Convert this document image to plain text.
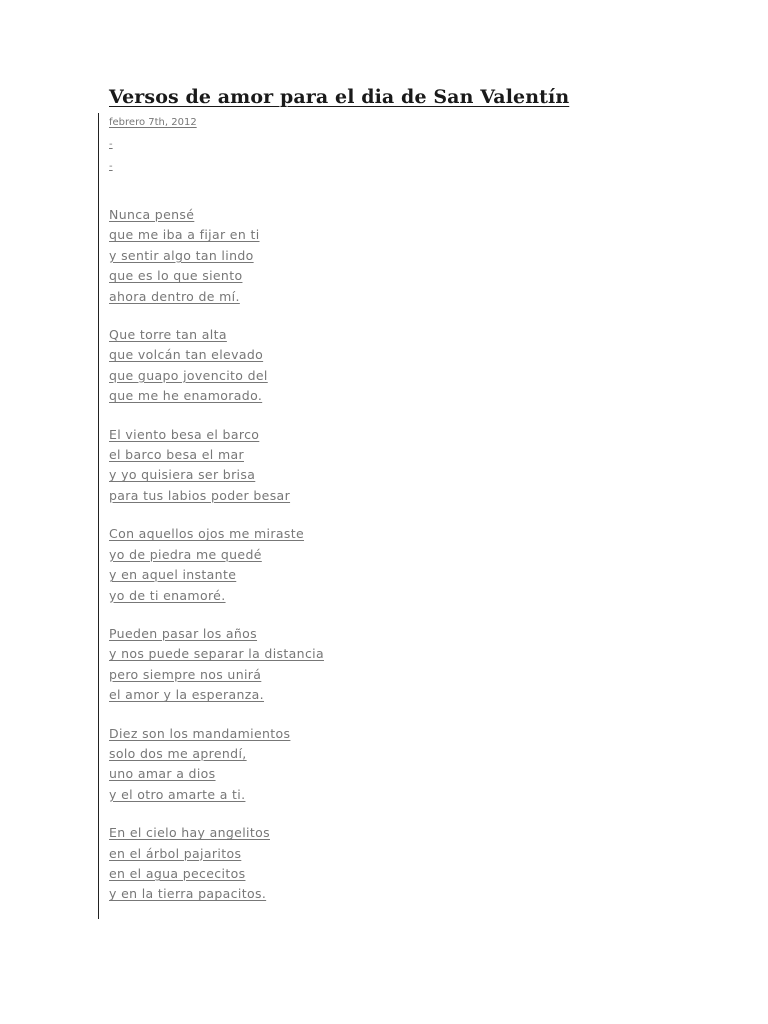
Versos de amor para el dia de San Valentín
febrero 7th, 2012
-
-
Nunca pensé
que me iba a fijar en ti
y sentir algo tan lindo
que es lo que siento
ahora dentro de mí.
Que torre tan alta
que volcán tan elevado
que guapo jovencito del
que me he enamorado.
El viento besa el barco
el barco besa el mar
y yo quisiera ser brisa
para tus labios poder besar
Con aquellos ojos me miraste
yo de piedra me quedé
y en aquel instante
yo de ti enamoré.
Pueden pasar los años
y nos puede separar la distancia
pero siempre nos unirá
el amor y la esperanza.
Diez son los mandamientos
solo dos me aprendí,
uno amar a dios
y el otro amarte a ti.
En el cielo hay angelitos
en el árbol pajaritos
en el agua pececitos
y en la tierra papacitos.
